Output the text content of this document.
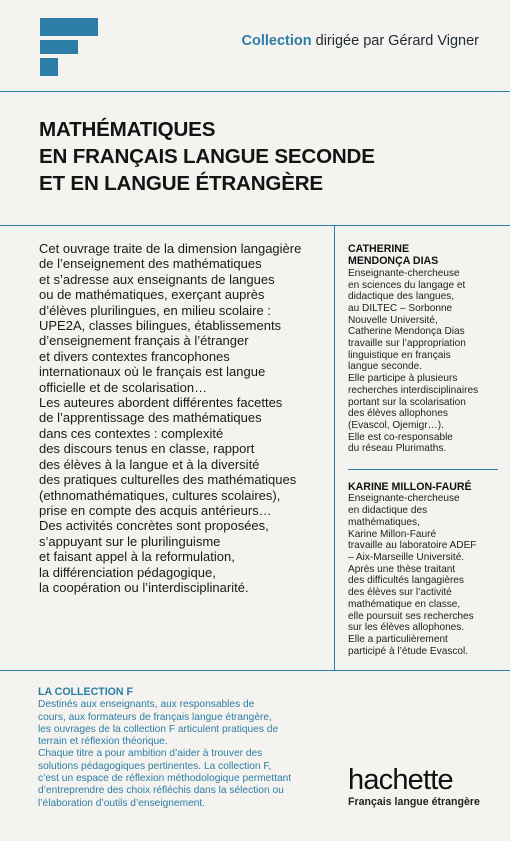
Collection dirigée par Gérard Vigner
MATHÉMATIQUES
EN FRANÇAIS LANGUE SECONDE
ET EN LANGUE ÉTRANGÈRE
Cet ouvrage traite de la dimension langagière
de l’enseignement des mathématiques
et s’adresse aux enseignants de langues
ou de mathématiques, exerçant auprès
d’élèves plurilingues, en milieu scolaire :
UPE2A, classes bilingues, établissements
d’enseignement français à l’étranger
et divers contextes francophones
internationaux où le français est langue
officielle et de scolarisation…
Les auteures abordent différentes facettes
de l’apprentissage des mathématiques
dans ces contextes : complexité
des discours tenus en classe, rapport
des élèves à la langue et à la diversité
des pratiques culturelles des mathématiques
(ethnomathématiques, cultures scolaires),
prise en compte des acquis antérieurs…
Des activités concrètes sont proposées,
s’appuyant sur le plurilinguisme
et faisant appel à la reformulation,
la différenciation pédagogique,
la coopération ou l’interdisciplinarité.
CATHERINE
MENDONÇA DIAS
Enseignante-chercheuse
en sciences du langage et
didactique des langues,
au DILTEC – Sorbonne
Nouvelle Université,
Catherine Mendonça Dias
travaille sur l’appropriation
linguistique en français
langue seconde.
Elle participe à plusieurs
recherches interdisciplinaires
portant sur la scolarisation
des élèves allophones
(Evascol, Ojemigr…).
Elle est co-responsable
du réseau Plurimaths.
KARINE MILLON-FAURÉ
Enseignante-chercheuse
en didactique des
mathématiques,
Karine Millon-Fauré
travaille au laboratoire ADEF
– Aix-Marseille Université.
Après une thèse traitant
des difficultés langagières
des élèves sur l’activité
mathématique en classe,
elle poursuit ses recherches
sur les élèves allophones.
Elle a particulièrement
participé à l’étude Evascol.
LA COLLECTION F
Destinés aux enseignants, aux responsables de
cours, aux formateurs de français langue étrangère,
les ouvrages de la collection F articulent pratiques de
terrain et réflexion théorique.
Chaque titre a pour ambition d’aider à trouver des
solutions pédagogiques pertinentes. La collection F,
c’est un espace de réflexion méthodologique permettant
d’entreprendre des choix réfléchis dans la sélection ou
l’élaboration d’outils d’enseignement.
hachette
Français langue étrangère
